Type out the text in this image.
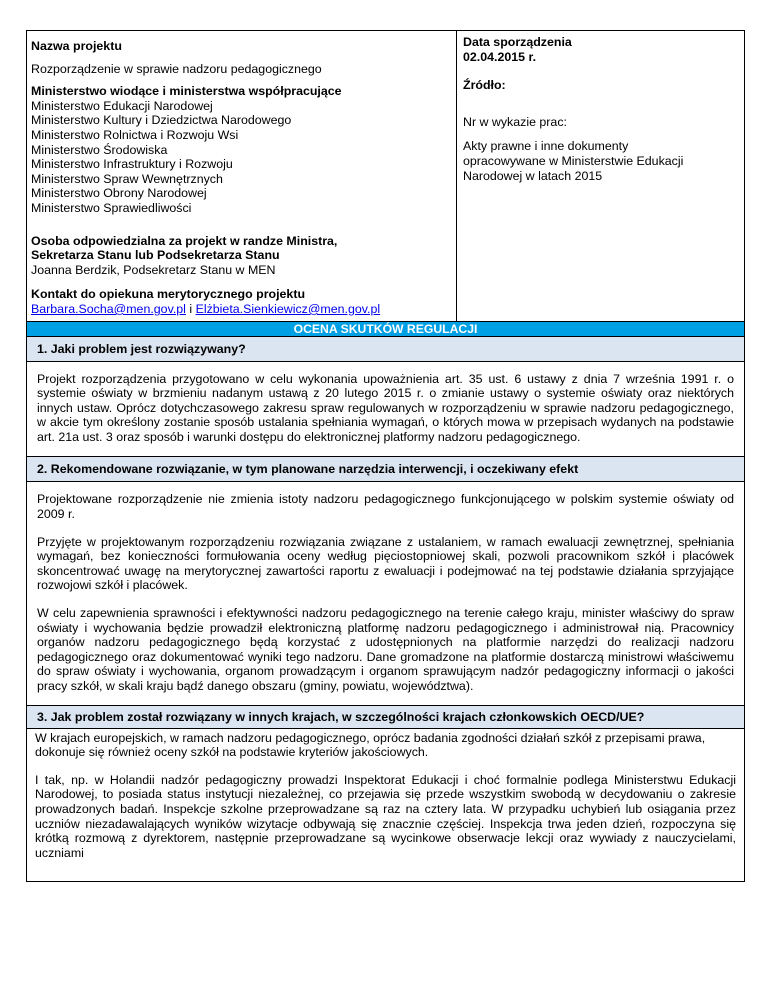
Nazwa projektu
Rozporządzenie w sprawie nadzoru pedagogicznego
Ministerstwo wiodące i ministerstwa współpracujące
Ministerstwo Edukacji Narodowej
Ministerstwo Kultury i Dziedzictwa Narodowego
Ministerstwo Rolnictwa i Rozwoju Wsi
Ministerstwo Środowiska
Ministerstwo Infrastruktury i Rozwoju
Ministerstwo Spraw Wewnętrznych
Ministerstwo Obrony Narodowej
Ministerstwo Sprawiedliwości
Osoba odpowiedzialna za projekt w randze Ministra,
Sekretarza Stanu lub Podsekretarza Stanu
Joanna Berdzik, Podsekretarz Stanu w MEN
Kontakt do opiekuna merytorycznego projektu
Barbara.Socha@men.gov.pl i Elżbieta.Sienkiewicz@men.gov.pl

Data sporządzenia
02.04.2015 r.
Źródło:
Nr w wykazie prac:
Akty prawne i inne dokumenty
opracowywane w Ministerstwie Edukacji
Narodowej w latach 2015

OCENA SKUTKÓW REGULACJI
1. Jaki problem jest rozwiązywany?

Projekt rozporządzenia przygotowano w celu wykonania upoważnienia art. 35 ust. 6 ustawy z dnia 7 września 1991 r. o systemie oświaty w brzmieniu nadanym ustawą z 20 lutego 2015 r. o zmianie ustawy o systemie oświaty oraz niektórych innych ustaw. Oprócz dotychczasowego zakresu spraw regulowanych w rozporządzeniu w sprawie nadzoru pedagogicznego, w akcie tym określony zostanie sposób ustalania spełniania wymagań, o których mowa w przepisach wydanych na podstawie art. 21a ust. 3 oraz sposób i warunki dostępu do elektronicznej platformy nadzoru pedagogicznego.

2. Rekomendowane rozwiązanie, w tym planowane narzędzia interwencji, i oczekiwany efekt

Projektowane rozporządzenie nie zmienia istoty nadzoru pedagogicznego funkcjonującego w polskim systemie oświaty od 2009 r.

Przyjęte w projektowanym rozporządzeniu rozwiązania związane z ustalaniem, w ramach ewaluacji zewnętrznej, spełniania wymagań, bez konieczności formułowania oceny według pięciostopniowej skali, pozwoli pracownikom szkół i placówek skoncentrować uwagę na merytorycznej zawartości raportu z ewaluacji i podejmować na tej podstawie działania sprzyjające rozwojowi szkół i placówek.

W celu zapewnienia sprawności i efektywności nadzoru pedagogicznego na terenie całego kraju, minister właściwy do spraw oświaty i wychowania będzie prowadził elektroniczną platformę nadzoru pedagogicznego i administrował nią. Pracownicy organów nadzoru pedagogicznego będą korzystać z udostępnionych na platformie narzędzi do realizacji nadzoru pedagogicznego oraz dokumentować wyniki tego nadzoru. Dane gromadzone na platformie dostarczą ministrowi właściwemu do spraw oświaty i wychowania, organom prowadzącym i organom sprawującym nadzór pedagogiczny informacji o jakości pracy szkół, w skali kraju bądź danego obszaru (gminy, powiatu, województwa).

3. Jak problem został rozwiązany w innych krajach, w szczególności krajach członkowskich OECD/UE?

W krajach europejskich, w ramach nadzoru pedagogicznego, oprócz badania zgodności działań szkół z przepisami prawa, dokonuje się również oceny szkół na podstawie kryteriów jakościowych.

I tak, np. w Holandii nadzór pedagogiczny prowadzi Inspektorat Edukacji i choć formalnie podlega Ministerstwu Edukacji Narodowej, to posiada status instytucji niezależnej, co przejawia się przede wszystkim swobodą w decydowaniu o zakresie prowadzonych badań. Inspekcje szkolne przeprowadzane są raz na cztery lata. W przypadku uchybień lub osiągania przez uczniów niezadawalających wyników wizytacje odbywają się znacznie częściej. Inspekcja trwa jeden dzień, rozpoczyna się krótką rozmową z dyrektorem, następnie przeprowadzane są wycinkowe obserwacje lekcji oraz wywiady z nauczycielami, uczniami
